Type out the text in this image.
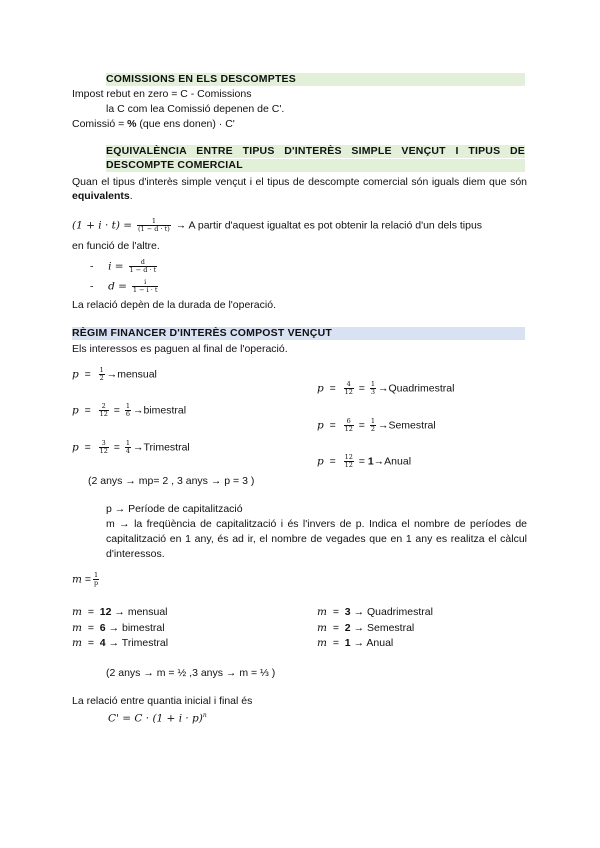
COMISSIONS EN ELS DESCOMPTES
Impost rebut en zero = C - Comissions
la C com lea Comissió depenen de C'.
Comissió = % (que ens donen) · C'
EQUIVALÈNCIA ENTRE TIPUS D'INTERÈS SIMPLE VENÇUT I TIPUS DE
DESCOMPTE COMERCIAL
Quan el tipus d'interès simple vençut i el tipus de descompte comercial són iguals diem que són equivalents.
$(1 + i \cdot t) = \frac{1}{(1 - d \cdot t)} \to A$ partir d'aquest igualtat es pot obtenir la relació d'un dels tipus
en funció de l'altre.
- $i = \frac{d}{1 - d \cdot t}$
- $d = \frac{i}{1 - i \cdot t}$
La relació depèn de la durada de l'operació.
RÈGIM FINANCER D'INTERÈS COMPOST VENÇUT
Els interessos es paguen al final de l'operació.
$p = \frac{1}{2}$ →mensual
$p = \frac{2}{12} = \frac{1}{6}$ →bimestral
$p = \frac{3}{12} = \frac{1}{4}$ →Trimestral
$p = \frac{4}{12} = \frac{1}{3}$ →Quadrimestral
$p = \frac{6}{12} = \frac{1}{2}$ →Semestral
$p = \frac{12}{12}$ = 1→Anual
(2 anys → mp= 2 , 3 anys → p = 3 )
p → Període de capitalització
m → la freqüència de capitalització i és l'invers de p. Indica el nombre de períodes de capitalització en 1 any, és ad ir, el nombre de vegades que en 1 any es realitza el càlcul d'interessos.
$m = \frac{1}{p}$
m = 12 → mensual
m = 6 → bimestral
m = 4 → Trimestral
m = 3 → Quadrimestral
m = 2 → Semestral
m = 1 → Anual
(2 anys → m = ½ ,3 anys → m = ⅓ )
La relació entre quantia inicial i final és
$C' = C \cdot (1 + i \cdot p)^n$
